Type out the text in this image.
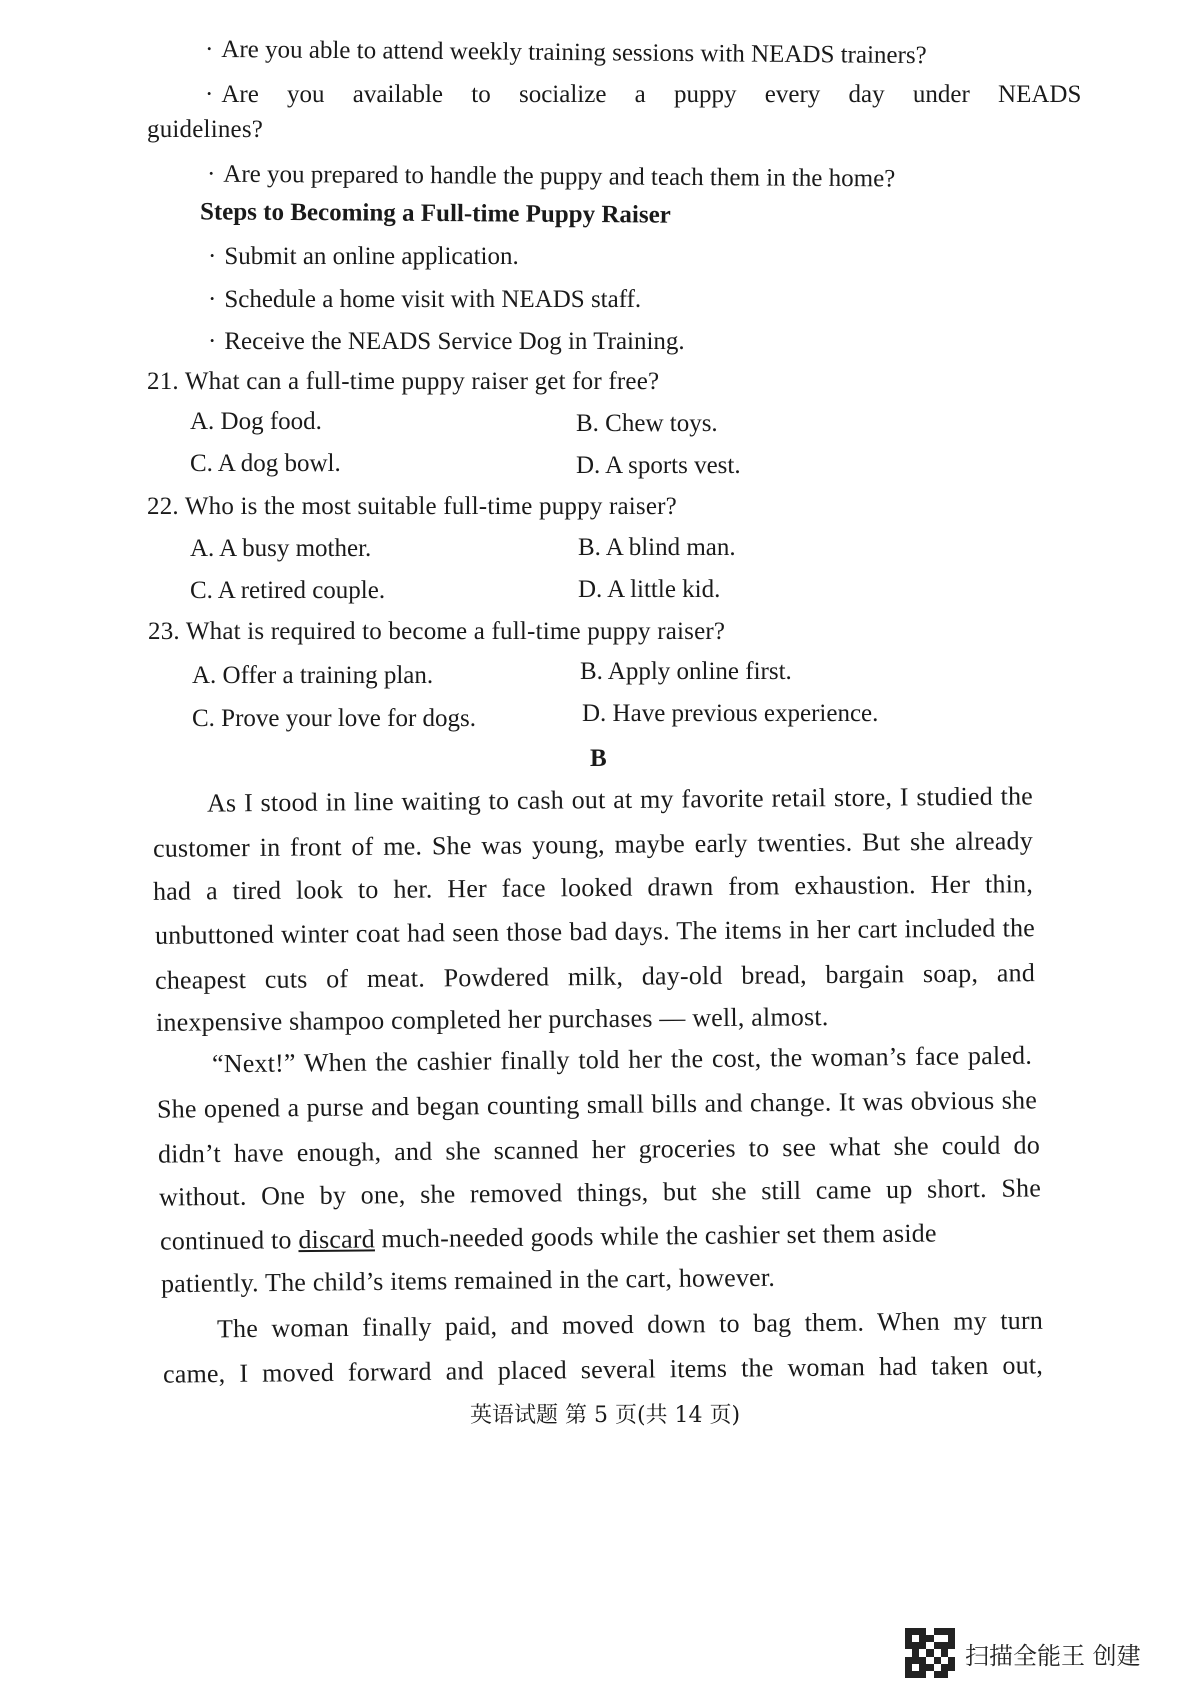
· Are you able to attend weekly training sessions with NEADS trainers?
· Are you available to socialize a puppy every day under NEADS
guidelines?
· Are you prepared to handle the puppy and teach them in the home?
Steps to Becoming a Full-time Puppy Raiser
· Submit an online application.
· Schedule a home visit with NEADS staff.
· Receive the NEADS Service Dog in Training.
21. What can a full-time puppy raiser get for free?
A. Dog food.	B. Chew toys.
C. A dog bowl.	D. A sports vest.
22. Who is the most suitable full-time puppy raiser?
A. A busy mother.	B. A blind man.
C. A retired couple.	D. A little kid.
23. What is required to become a full-time puppy raiser?
A. Offer a training plan.	B. Apply online first.
C. Prove your love for dogs.	D. Have previous experience.
B
As I stood in line waiting to cash out at my favorite retail store, I studied the
customer in front of me. She was young, maybe early twenties. But she already
had a tired look to her. Her face looked drawn from exhaustion. Her thin,
unbuttoned winter coat had seen those bad days. The items in her cart included the
cheapest cuts of meat. Powdered milk, day-old bread, bargain soap, and
inexpensive shampoo completed her purchases — well, almost.
“Next!” When the cashier finally told her the cost, the woman’s face paled.
She opened a purse and began counting small bills and change. It was obvious she
didn’t have enough, and she scanned her groceries to see what she could do
without. One by one, she removed things, but she still came up short. She
continued to discard much-needed goods while the cashier set them aside
patiently. The child’s items remained in the cart, however.
The woman finally paid, and moved down to bag them. When my turn
came, I moved forward and placed several items the woman had taken out,
英语试题 第 5 页(共 14 页)
扫描全能王 创建
